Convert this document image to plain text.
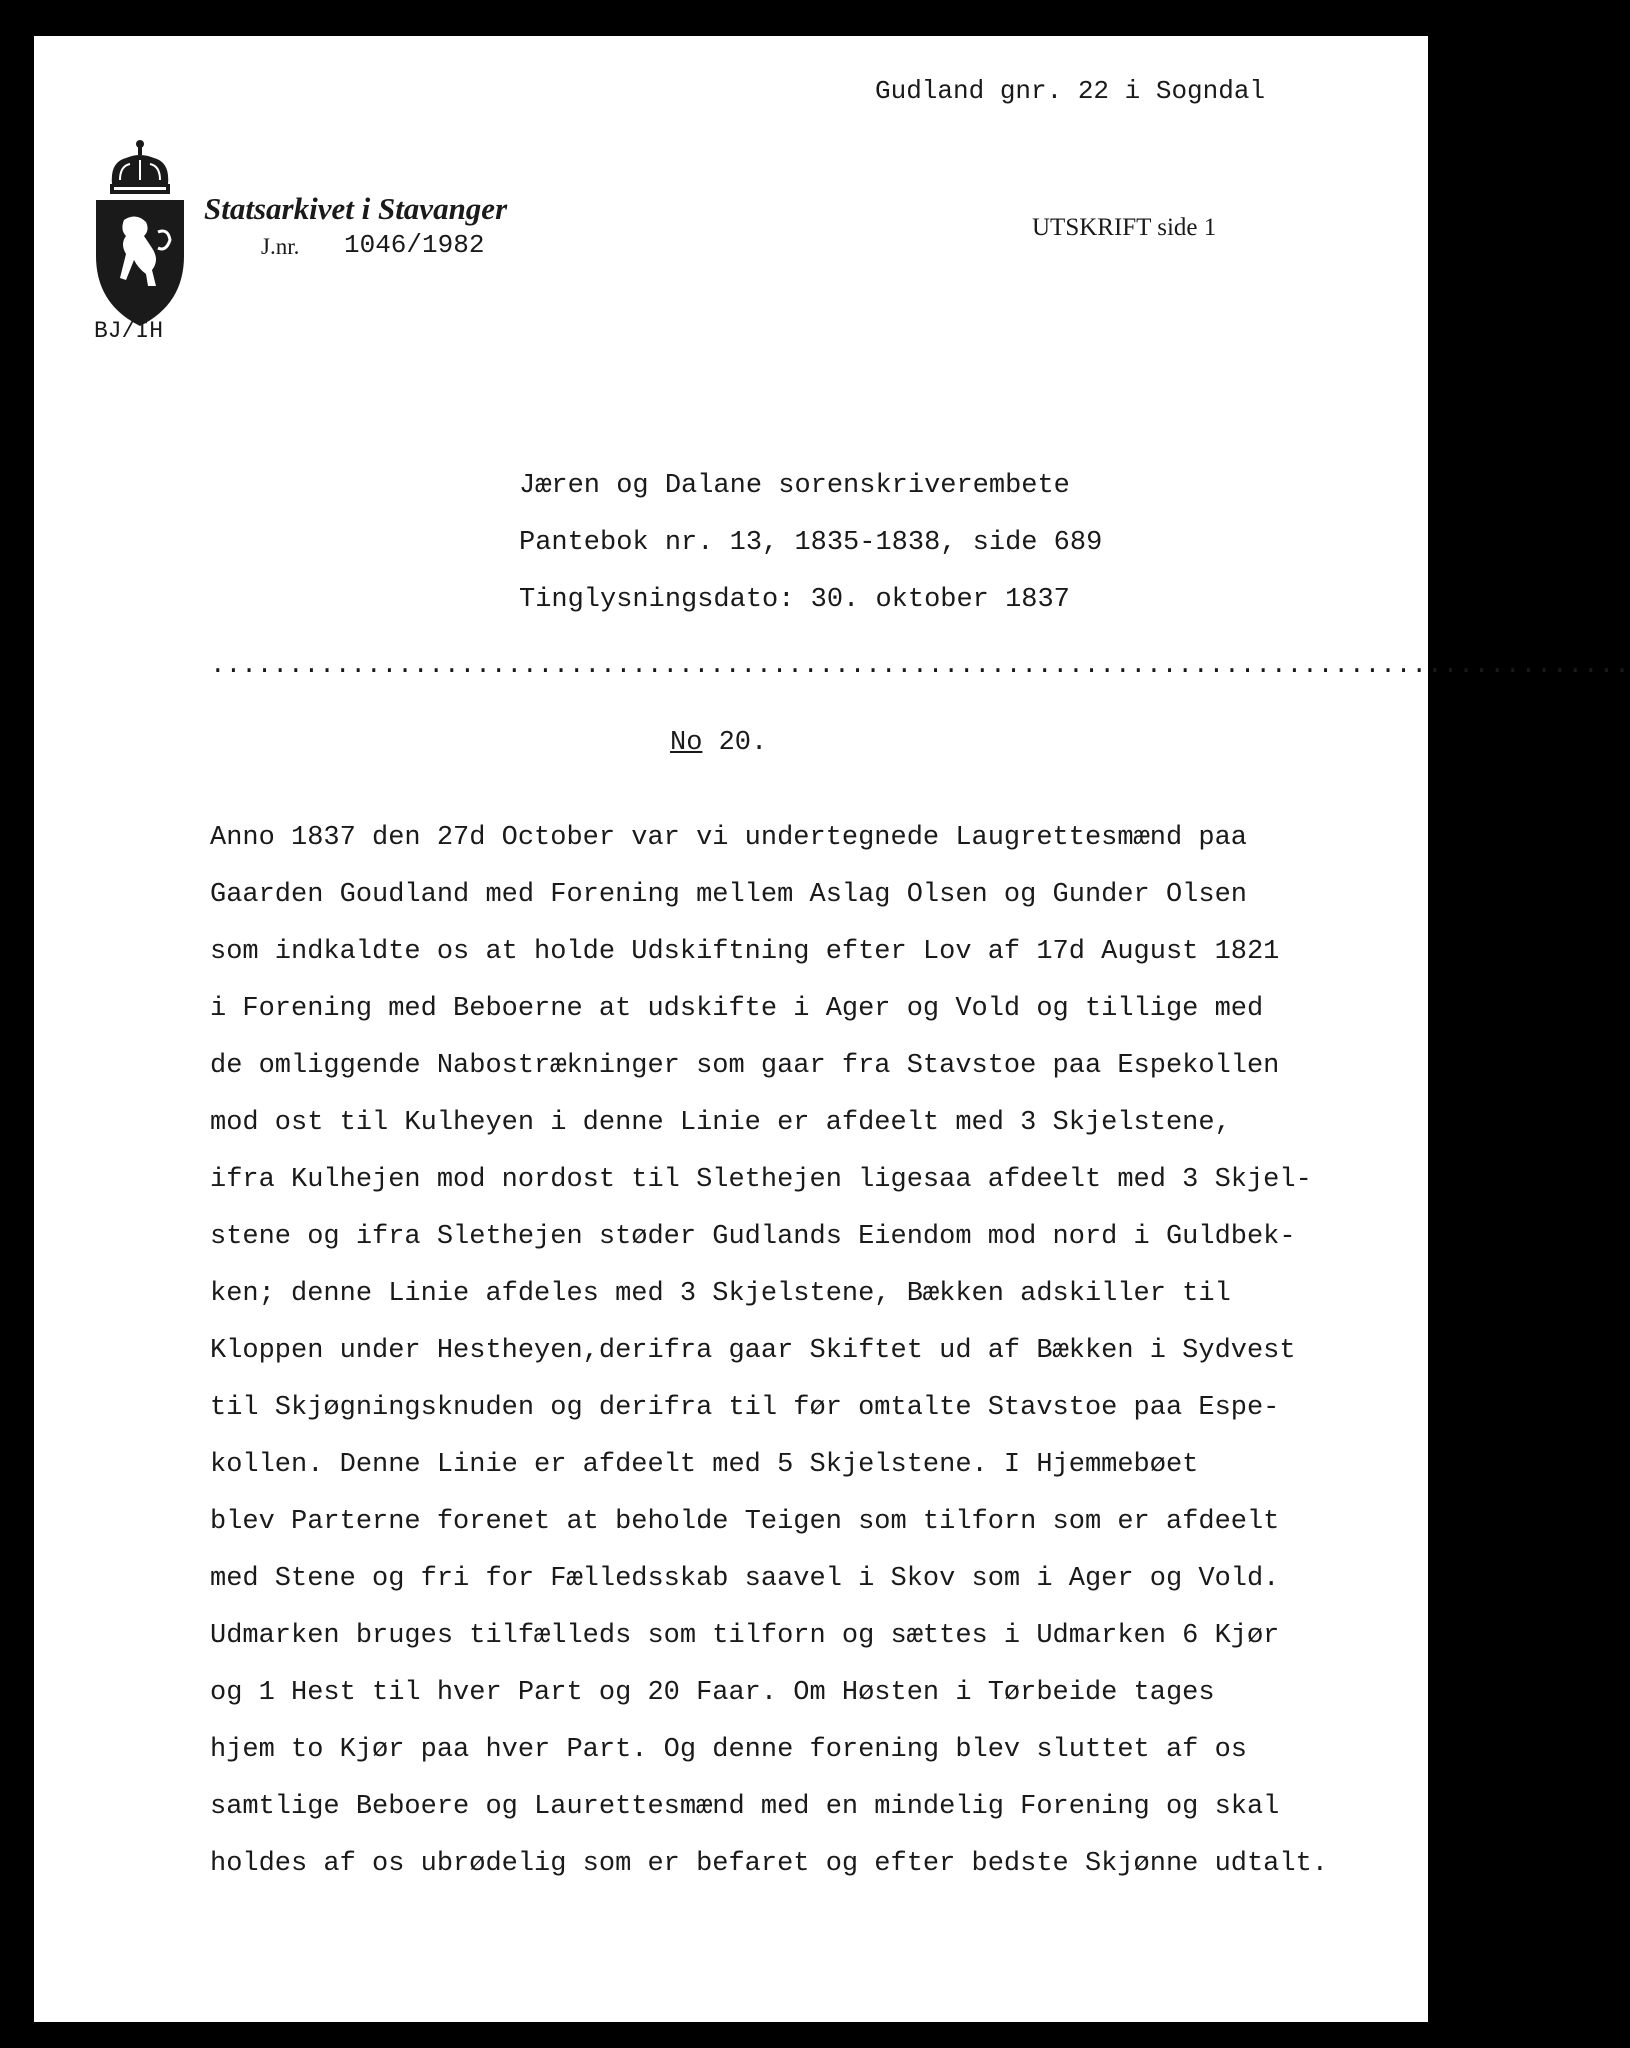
Gudland gnr. 22 i Sogndal
Statsarkivet i Stavanger
J.nr. 1046/1982
UTSKRIFT side 1
BJ/IH
Jæren og Dalane sorenskriverembete
Pantebok nr. 13, 1835-1838, side 689
Tinglysningsdato: 30. oktober 1837
...........................................................................................
No 20.
Anno 1837 den 27d October var vi undertegnede Laugrettesmænd paa
Gaarden Goudland med Forening mellem Aslag Olsen og Gunder Olsen
som indkaldte os at holde Udskiftning efter Lov af 17d August 1821
i Forening med Beboerne at udskifte i Ager og Vold og tillige med
de omliggende Nabostrækninger som gaar fra Stavstoe paa Espekollen
mod ost til Kulheyen i denne Linie er afdeelt med 3 Skjelstene,
ifra Kulhejen mod nordost til Slethejen ligesaa afdeelt med 3 Skjel-
stene og ifra Slethejen støder Gudlands Eiendom mod nord i Guldbek-
ken; denne Linie afdeles med 3 Skjelstene, Bækken adskiller til
Kloppen under Hestheyen,derifra gaar Skiftet ud af Bækken i Sydvest
til Skjøgningsknuden og derifra til før omtalte Stavstoe paa Espe-
kollen. Denne Linie er afdeelt med 5 Skjelstene. I Hjemmebøet
blev Parterne forenet at beholde Teigen som tilforn som er afdeelt
med Stene og fri for Fælledsskab saavel i Skov som i Ager og Vold.
Udmarken bruges tilfælleds som tilforn og sættes i Udmarken 6 Kjør
og 1 Hest til hver Part og 20 Faar. Om Høsten i Tørbeide tages
hjem to Kjør paa hver Part. Og denne forening blev sluttet af os
samtlige Beboere og Laurettesmænd med en mindelig Forening og skal
holdes af os ubrødelig som er befaret og efter bedste Skjønne udtalt.
